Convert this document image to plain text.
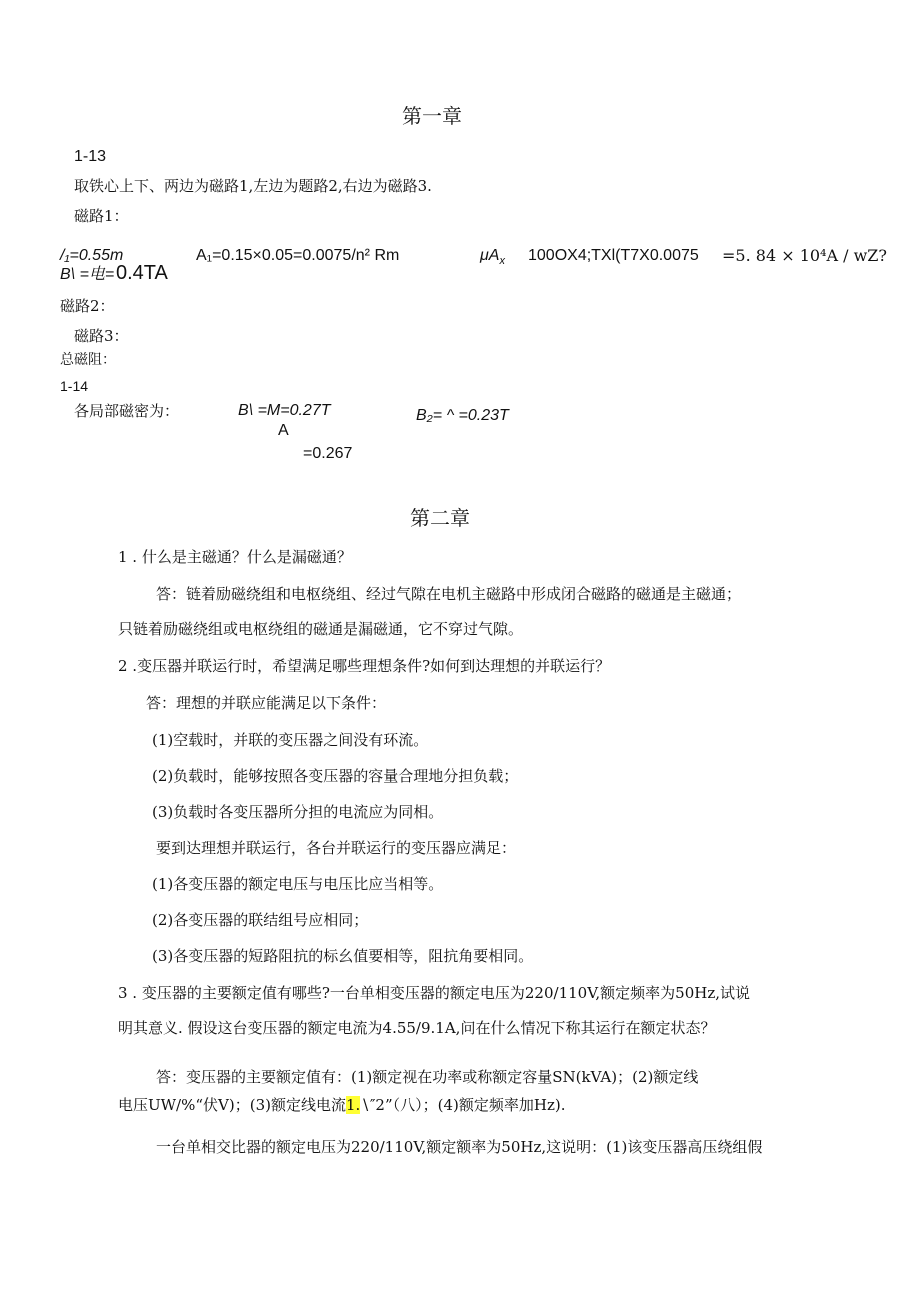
第一章
1-13
取铁心上下、两边为磁路1,左边为题路2,右边为磁路3.
磁路1：
/₁=0.55m
B\ =电= 0.4TA
A₁=0.15×0.05=0.0075/n² Rm	$\mu A_x$ 100OX4;TXl(T7X0.0075 =5. 84 × 10⁴A / wZ?
磁路2：
磁路3：
总磁阻：
1-14
各局部磁密为：	B\ =M=0.27T	B₂= ^ =0.23T
A
=0.267
第二章
1 . 什么是主磁通？什么是漏磁通？
答：链着励磁绕组和电枢绕组、经过气隙在电机主磁路中形成闭合磁路的磁通是主磁通；
只链着励磁绕组或电枢绕组的磁通是漏磁通，它不穿过气隙。
2 .变压器并联运行时，希望满足哪些理想条件?如何到达理想的并联运行？
答：理想的并联应能满足以下条件：
(1)空载时，并联的变压器之间没有环流。
(2)负载时，能够按照各变压器的容量合理地分担负载；
(3)负载时各变压器所分担的电流应为同相。
要到达理想并联运行，各台并联运行的变压器应满足：
(1)各变压器的额定电压与电压比应当相等。
(2)各变压器的联结组号应相同；
(3)各变压器的短路阻抗的标幺值要相等，阻抗角要相同。
3 . 变压器的主要额定值有哪些?一台单相变压器的额定电压为220/110V,额定频率为50Hz,试说
明其意义. 假设这台变压器的额定电流为4.55/9.1A,问在什么情况下称其运行在额定状态？
答：变压器的主要额定值有：(1)额定视在功率或称额定容量SN(kVA)；(2)额定线
电压UW/%“伏V)；(3)额定线电流1.∖″2”（八）；(4)额定频率加Hz).
一台单相交比器的额定电压为220/110V,额定额率为50Hz,这说明：(1)该变压器高压绕组假
